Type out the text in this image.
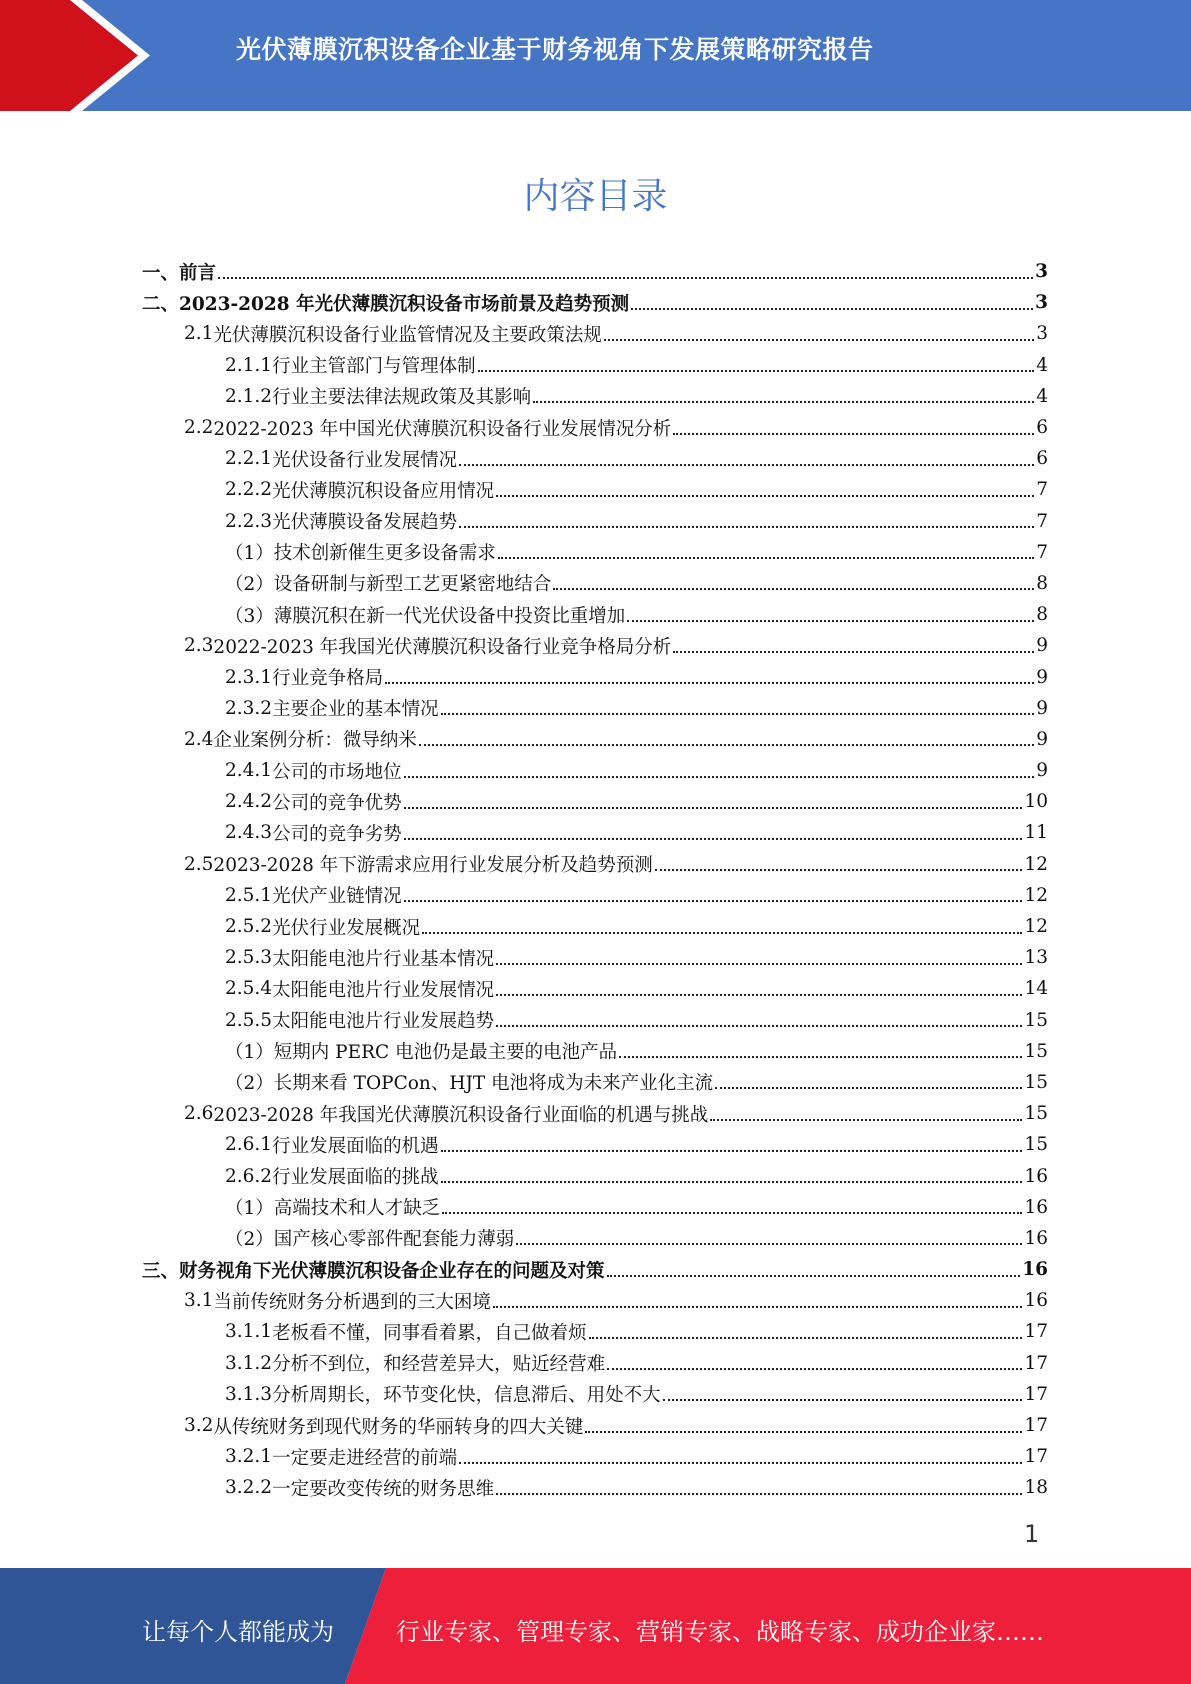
光伏薄膜沉积设备企业基于财务视角下发展策略研究报告
内容目录
一、 前言	3
二、 2023-2028 年光伏薄膜沉积设备市场前景及趋势预测	3
2.1 光伏薄膜沉积设备行业监管情况及主要政策法规	3
2.1.1 行业主管部门与管理体制	4
2.1.2 行业主要法律法规政策及其影响	4
2.2 2022-2023 年中国光伏薄膜沉积设备行业发展情况分析	6
2.2.1 光伏设备行业发展情况	6
2.2.2 光伏薄膜沉积设备应用情况	7
2.2.3 光伏薄膜设备发展趋势	7
（1） 技术创新催生更多设备需求	7
（2） 设备研制与新型工艺更紧密地结合	8
（3） 薄膜沉积在新一代光伏设备中投资比重增加	8
2.3 2022-2023 年我国光伏薄膜沉积设备行业竞争格局分析	9
2.3.1 行业竞争格局	9
2.3.2 主要企业的基本情况	9
2.4 企业案例分析：微导纳米	9
2.4.1 公司的市场地位	9
2.4.2 公司的竞争优势	10
2.4.3 公司的竞争劣势	11
2.5 2023-2028 年下游需求应用行业发展分析及趋势预测	12
2.5.1 光伏产业链情况	12
2.5.2 光伏行业发展概况	12
2.5.3 太阳能电池片行业基本情况	13
2.5.4 太阳能电池片行业发展情况	14
2.5.5 太阳能电池片行业发展趋势	15
（1） 短期内 PERC 电池仍是最主要的电池产品	15
（2） 长期来看 TOPCon、HJT 电池将成为未来产业化主流	15
2.6 2023-2028 年我国光伏薄膜沉积设备行业面临的机遇与挑战	15
2.6.1 行业发展面临的机遇	15
2.6.2 行业发展面临的挑战	16
（1） 高端技术和人才缺乏	16
（2） 国产核心零部件配套能力薄弱	16
三、 财务视角下光伏薄膜沉积设备企业存在的问题及对策	16
3.1 当前传统财务分析遇到的三大困境	16
3.1.1 老板看不懂，同事看着累，自己做着烦	17
3.1.2 分析不到位，和经营差异大，贴近经营难	17
3.1.3 分析周期长，环节变化快，信息滞后、用处不大	17
3.2 从传统财务到现代财务的华丽转身的四大关键	17
3.2.1 一定要走进经营的前端	17
3.2.2 一定要改变传统的财务思维	18
1
让每个人都能成为	行业专家、管理专家、营销专家、战略专家、成功企业家……
